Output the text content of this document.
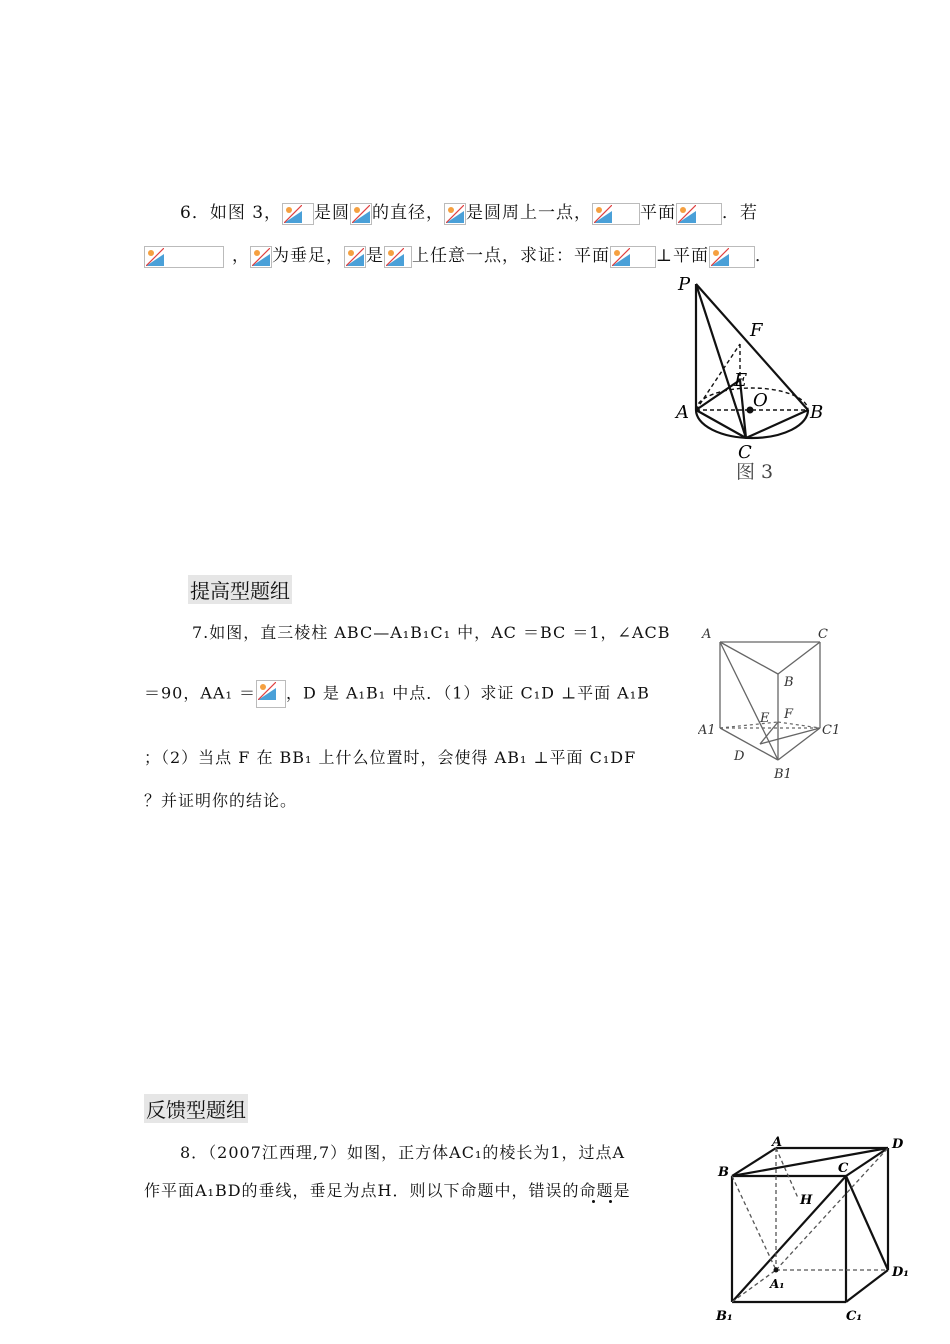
6．如图 3， 是圆 的直径， 是圆周上一点，	平面	．若
， 为垂足， 是 上任意一点，求证：平面	⊥平面	．
P
F
E
O
A	B
C
图 3
提高型题组
7.如图，直三棱柱 ABC—A₁B₁C₁ 中，AC ＝BC ＝1，∠ACB
＝90，AA₁ ＝ ，D 是 A₁B₁ 中点．（1）求证 C₁D ⊥平面 A₁B
；（2）当点 F 在 BB₁ 上什么位置时，会使得 AB₁ ⊥平面 C₁DF
？并证明你的结论。
A	C
B
A1
F
E
C1
D
B1
反馈型题组
8．（2007江西理,7）如图，正方体AC₁的棱长为1，过点A
作平面A₁BD的垂线，垂足为点H．则以下命题中，错误的命题是
A	D
B	C
H
A₁
D₁
B₁	C₁
